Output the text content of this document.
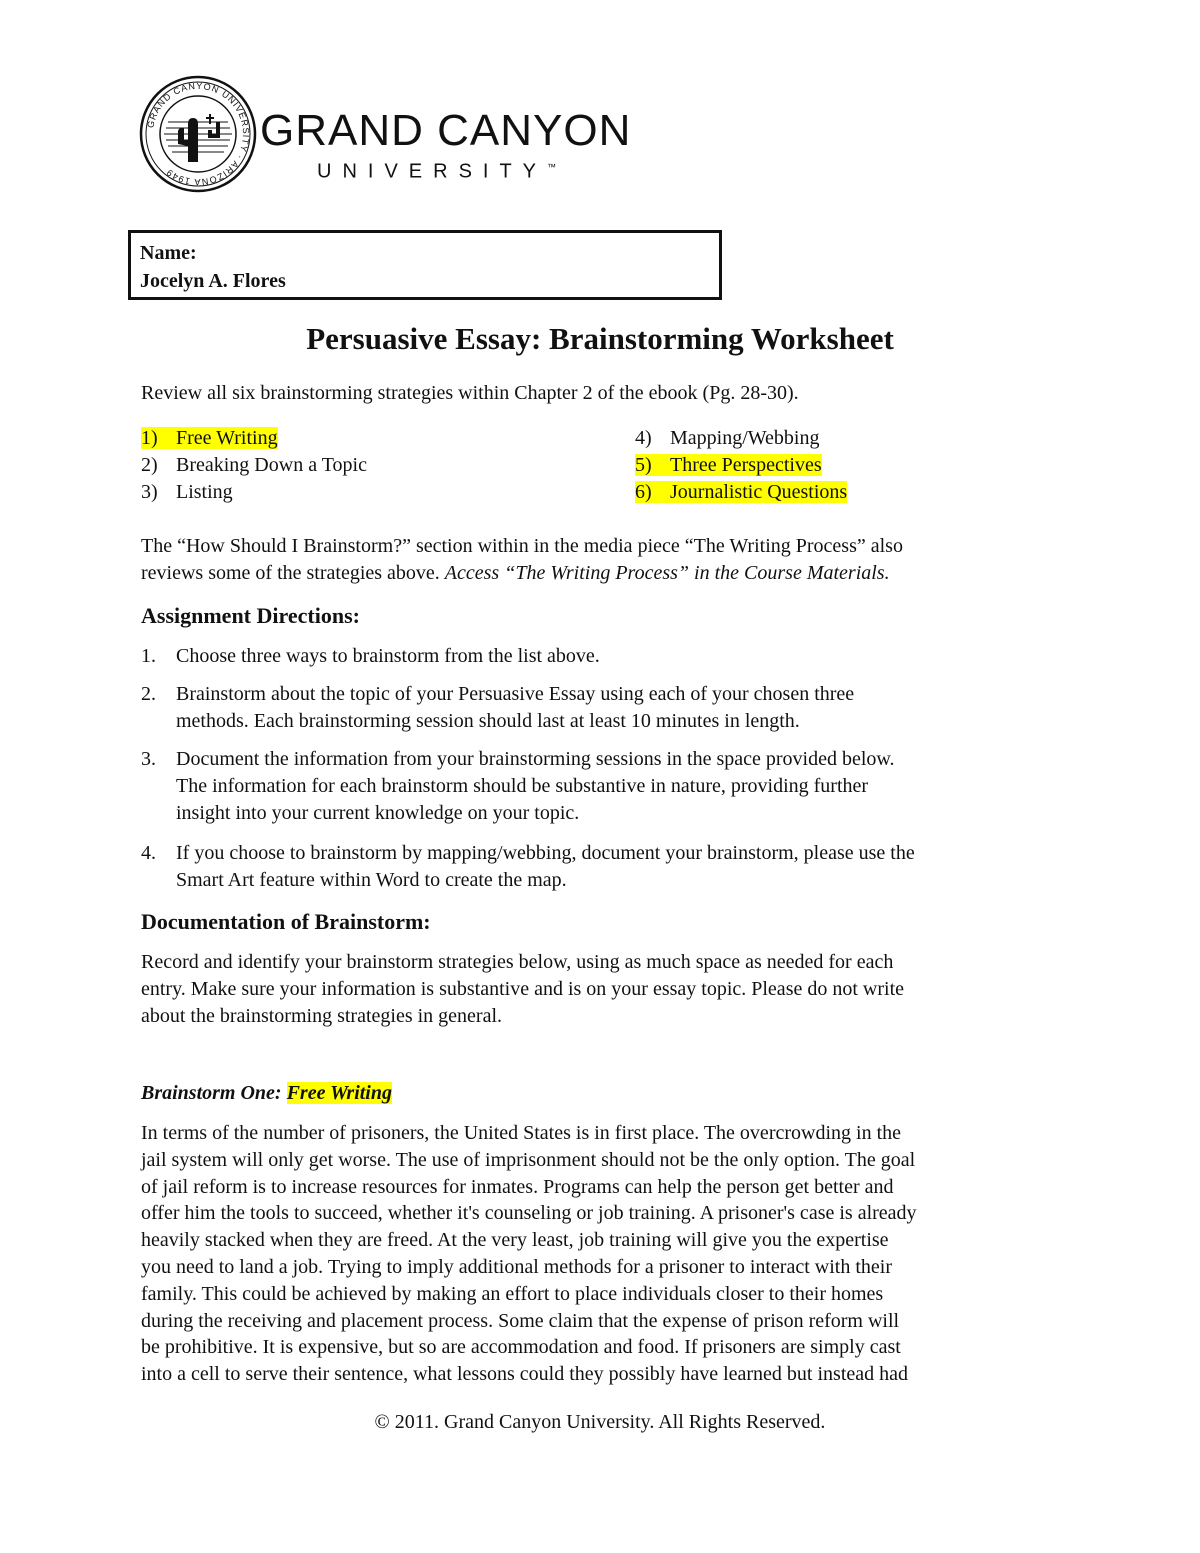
GRAND CANYON UNIVERSITY · ARIZONA 1949
GRAND CANYON
UNIVERSITY™
Name:
Jocelyn A. Flores
Persuasive Essay: Brainstorming Worksheet
Review all six brainstorming strategies within Chapter 2 of the ebook (Pg. 28-30).
1) Free Writing
2) Breaking Down a Topic
3) Listing
4) Mapping/Webbing
5) Three Perspectives
6) Journalistic Questions
The “How Should I Brainstorm?” section within in the media piece “The Writing Process” also
reviews some of the strategies above. Access “The Writing Process” in the Course Materials.
Assignment Directions:
1. Choose three ways to brainstorm from the list above.
2. Brainstorm about the topic of your Persuasive Essay using each of your chosen three
methods. Each brainstorming session should last at least 10 minutes in length.
3. Document the information from your brainstorming sessions in the space provided below.
The information for each brainstorm should be substantive in nature, providing further
insight into your current knowledge on your topic.
4. If you choose to brainstorm by mapping/webbing, document your brainstorm, please use the
Smart Art feature within Word to create the map.
Documentation of Brainstorm:
Record and identify your brainstorm strategies below, using as much space as needed for each
entry. Make sure your information is substantive and is on your essay topic. Please do not write
about the brainstorming strategies in general.
Brainstorm One: Free Writing
In terms of the number of prisoners, the United States is in first place. The overcrowding in the
jail system will only get worse. The use of imprisonment should not be the only option. The goal
of jail reform is to increase resources for inmates. Programs can help the person get better and
offer him the tools to succeed, whether it's counseling or job training. A prisoner's case is already
heavily stacked when they are freed. At the very least, job training will give you the expertise
you need to land a job. Trying to imply additional methods for a prisoner to interact with their
family. This could be achieved by making an effort to place individuals closer to their homes
during the receiving and placement process. Some claim that the expense of prison reform will
be prohibitive. It is expensive, but so are accommodation and food. If prisoners are simply cast
into a cell to serve their sentence, what lessons could they possibly have learned but instead had
© 2011. Grand Canyon University. All Rights Reserved.
